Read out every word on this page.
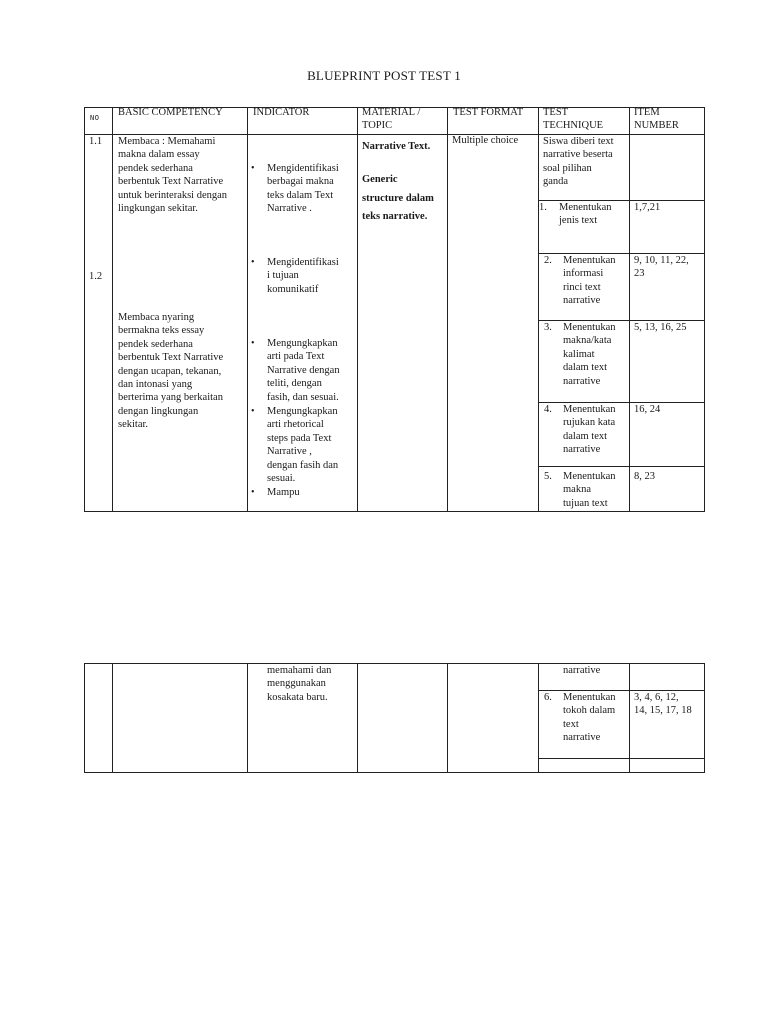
BLUEPRINT POST TEST 1
NO BASIC COMPETENCY	INDICATOR	MATERIAL /
TOPIC
TEST FORMAT TEST
TECHNIQUE
ITEM
NUMBER
1.1
1.2
Membaca : Memahami
makna dalam essay
pendek sederhana
berbentuk Text Narrative
untuk berinteraksi dengan
lingkungan sekitar.
Membaca nyaring
bermakna teks essay
pendek sederhana
berbentuk Text Narrative
dengan ucapan, tekanan,
dan intonasi yang
berterima yang berkaitan
dengan lingkungan
sekitar.
• Mengidentifikasi
berbagai makna
teks dalam Text
Narrative .
• Mengidentifikasi
i tujuan
komunikatif
• Mengungkapkan
arti pada Text
Narrative dengan
teliti, dengan
fasih, dan sesuai.
• Mengungkapkan
arti rhetorical
steps pada Text
Narrative ,
dengan fasih dan
sesuai.
• Mampu
Narrative Text.
Generic
structure dalam
teks narrative.
Multiple choice Siswa diberi text
narrative beserta
soal pilihan
ganda
1. Menentukan
jenis text
1,7,21
2. Menentukan
informasi
rinci text
narrative
9, 10, 11, 22,
23
3. Menentukan
makna/kata
kalimat
dalam text
narrative
5, 13, 16, 25
4. Menentukan
rujukan kata
dalam text
narrative
16, 24
5. Menentukan
makna
tujuan text
8, 23
memahami dan
menggunakan
kosakata baru.
narrative
6. Menentukan
tokoh dalam
text
narrative
3, 4, 6, 12,
14, 15, 17, 18
